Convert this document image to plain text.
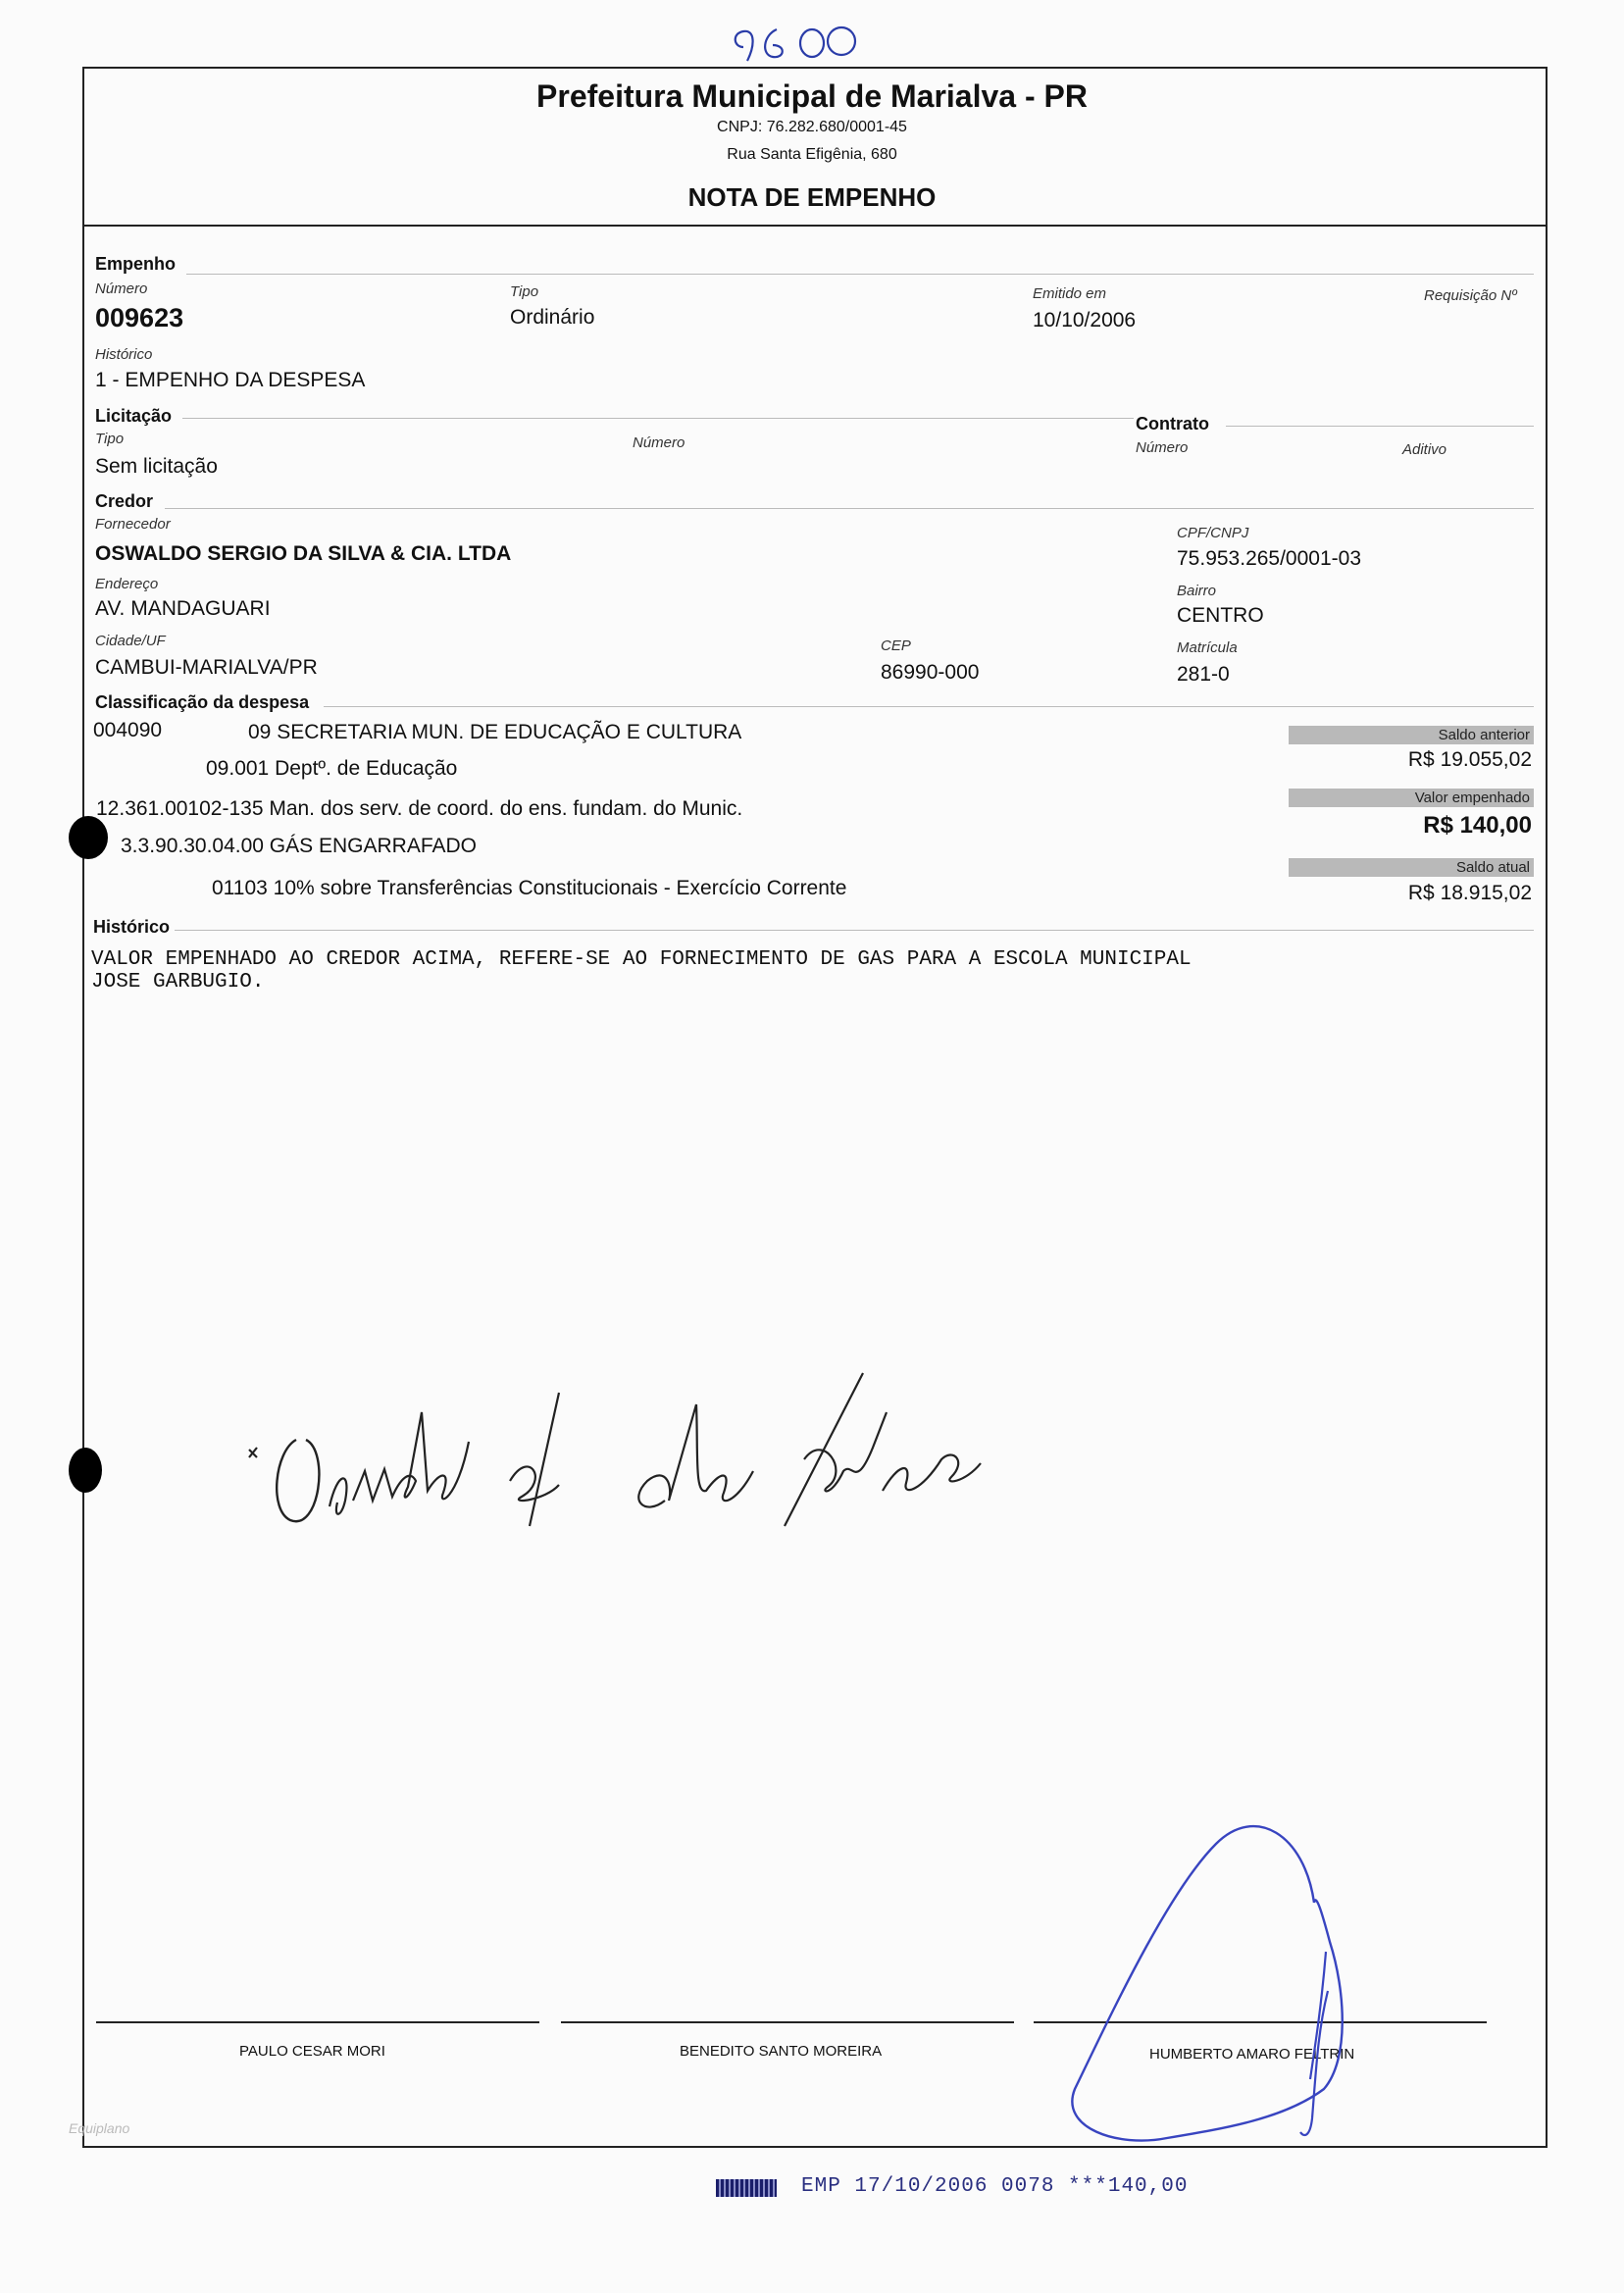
Prefeitura Municipal de Marialva - PR
CNPJ: 76.282.680/0001-45
Rua Santa Efigênia, 680
NOTA DE EMPENHO
Empenho
Número
009623
Tipo
Ordinário
Emitido em
10/10/2006
Requisição Nº
Histórico
1 - EMPENHO DA DESPESA
Licitação
Tipo
Sem licitação
Número
Contrato
Número	Aditivo
Credor
Fornecedor
OSWALDO SERGIO DA SILVA & CIA. LTDA
CPF/CNPJ
75.953.265/0001-03
Endereço
AV. MANDAGUARI
Bairro
CENTRO
Cidade/UF
CAMBUI-MARIALVA/PR
CEP
86990-000
Matrícula
281-0
Classificação da despesa
004090	09 SECRETARIA MUN. DE EDUCAÇÃO E CULTURA
09.001 Deptº. de Educação
12.361.00102-135 Man. dos serv. de coord. do ens. fundam. do Munic.
3.3.90.30.04.00 GÁS ENGARRAFADO
01103 10% sobre Transferências Constitucionais - Exercício Corrente
Saldo anterior
R$ 19.055,02
Valor empenhado
R$ 140,00
Saldo atual
R$ 18.915,02
Histórico
VALOR EMPENHADO AO CREDOR ACIMA, REFERE-SE AO FORNECIMENTO DE GAS PARA A ESCOLA MUNICIPAL
JOSE GARBUGIO.
PAULO CESAR MORI	BENEDITO SANTO MOREIRA	HUMBERTO AMARO FELTRIN
Equiplano
EMP 17/10/2006 0078 ***140,00
